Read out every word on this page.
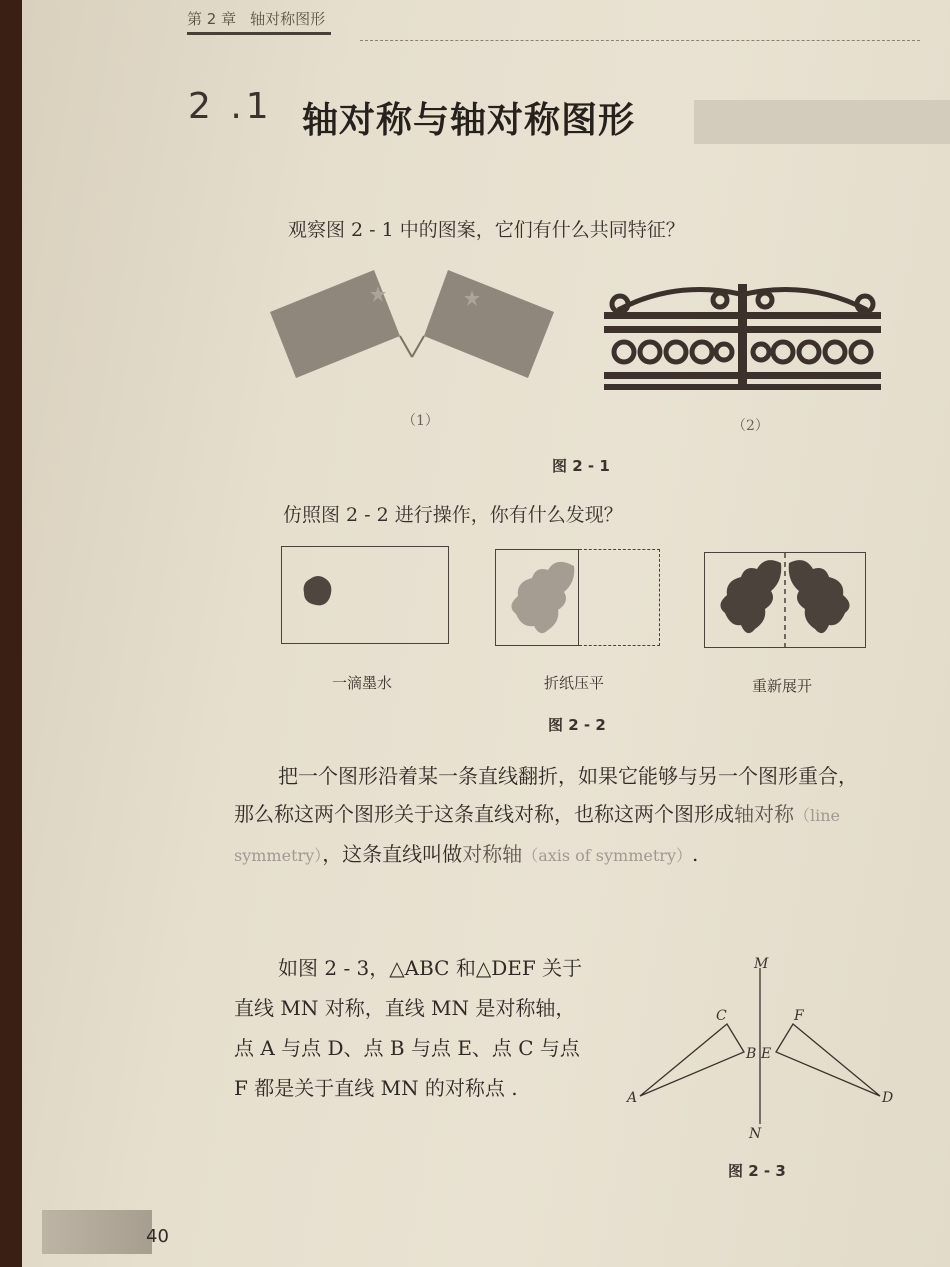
第 2 章 轴对称图形
2 .1 轴对称与轴对称图形
观察图 2 - 1 中的图案，它们有什么共同特征？
（1）	（2）
图 2 - 1
仿照图 2 - 2 进行操作，你有什么发现？
一滴墨水	折纸压平	重新展开
图 2 - 2
把一个图形沿着某一条直线翻折，如果它能够与另一个图形重合，
那么称这两个图形关于这条直线对称，也称这两个图形成轴对称（line
symmetry），这条直线叫做对称轴（axis of symmetry）.
如图 2 - 3，△ABC 和△DEF 关于
直线 MN 对称，直线 MN 是对称轴，
点 A 与点 D、点 B 与点 E、点 C 与点
F 都是关于直线 MN 的对称点 .
M
N
A
B
C
D
E
F
图 2 - 3
40
